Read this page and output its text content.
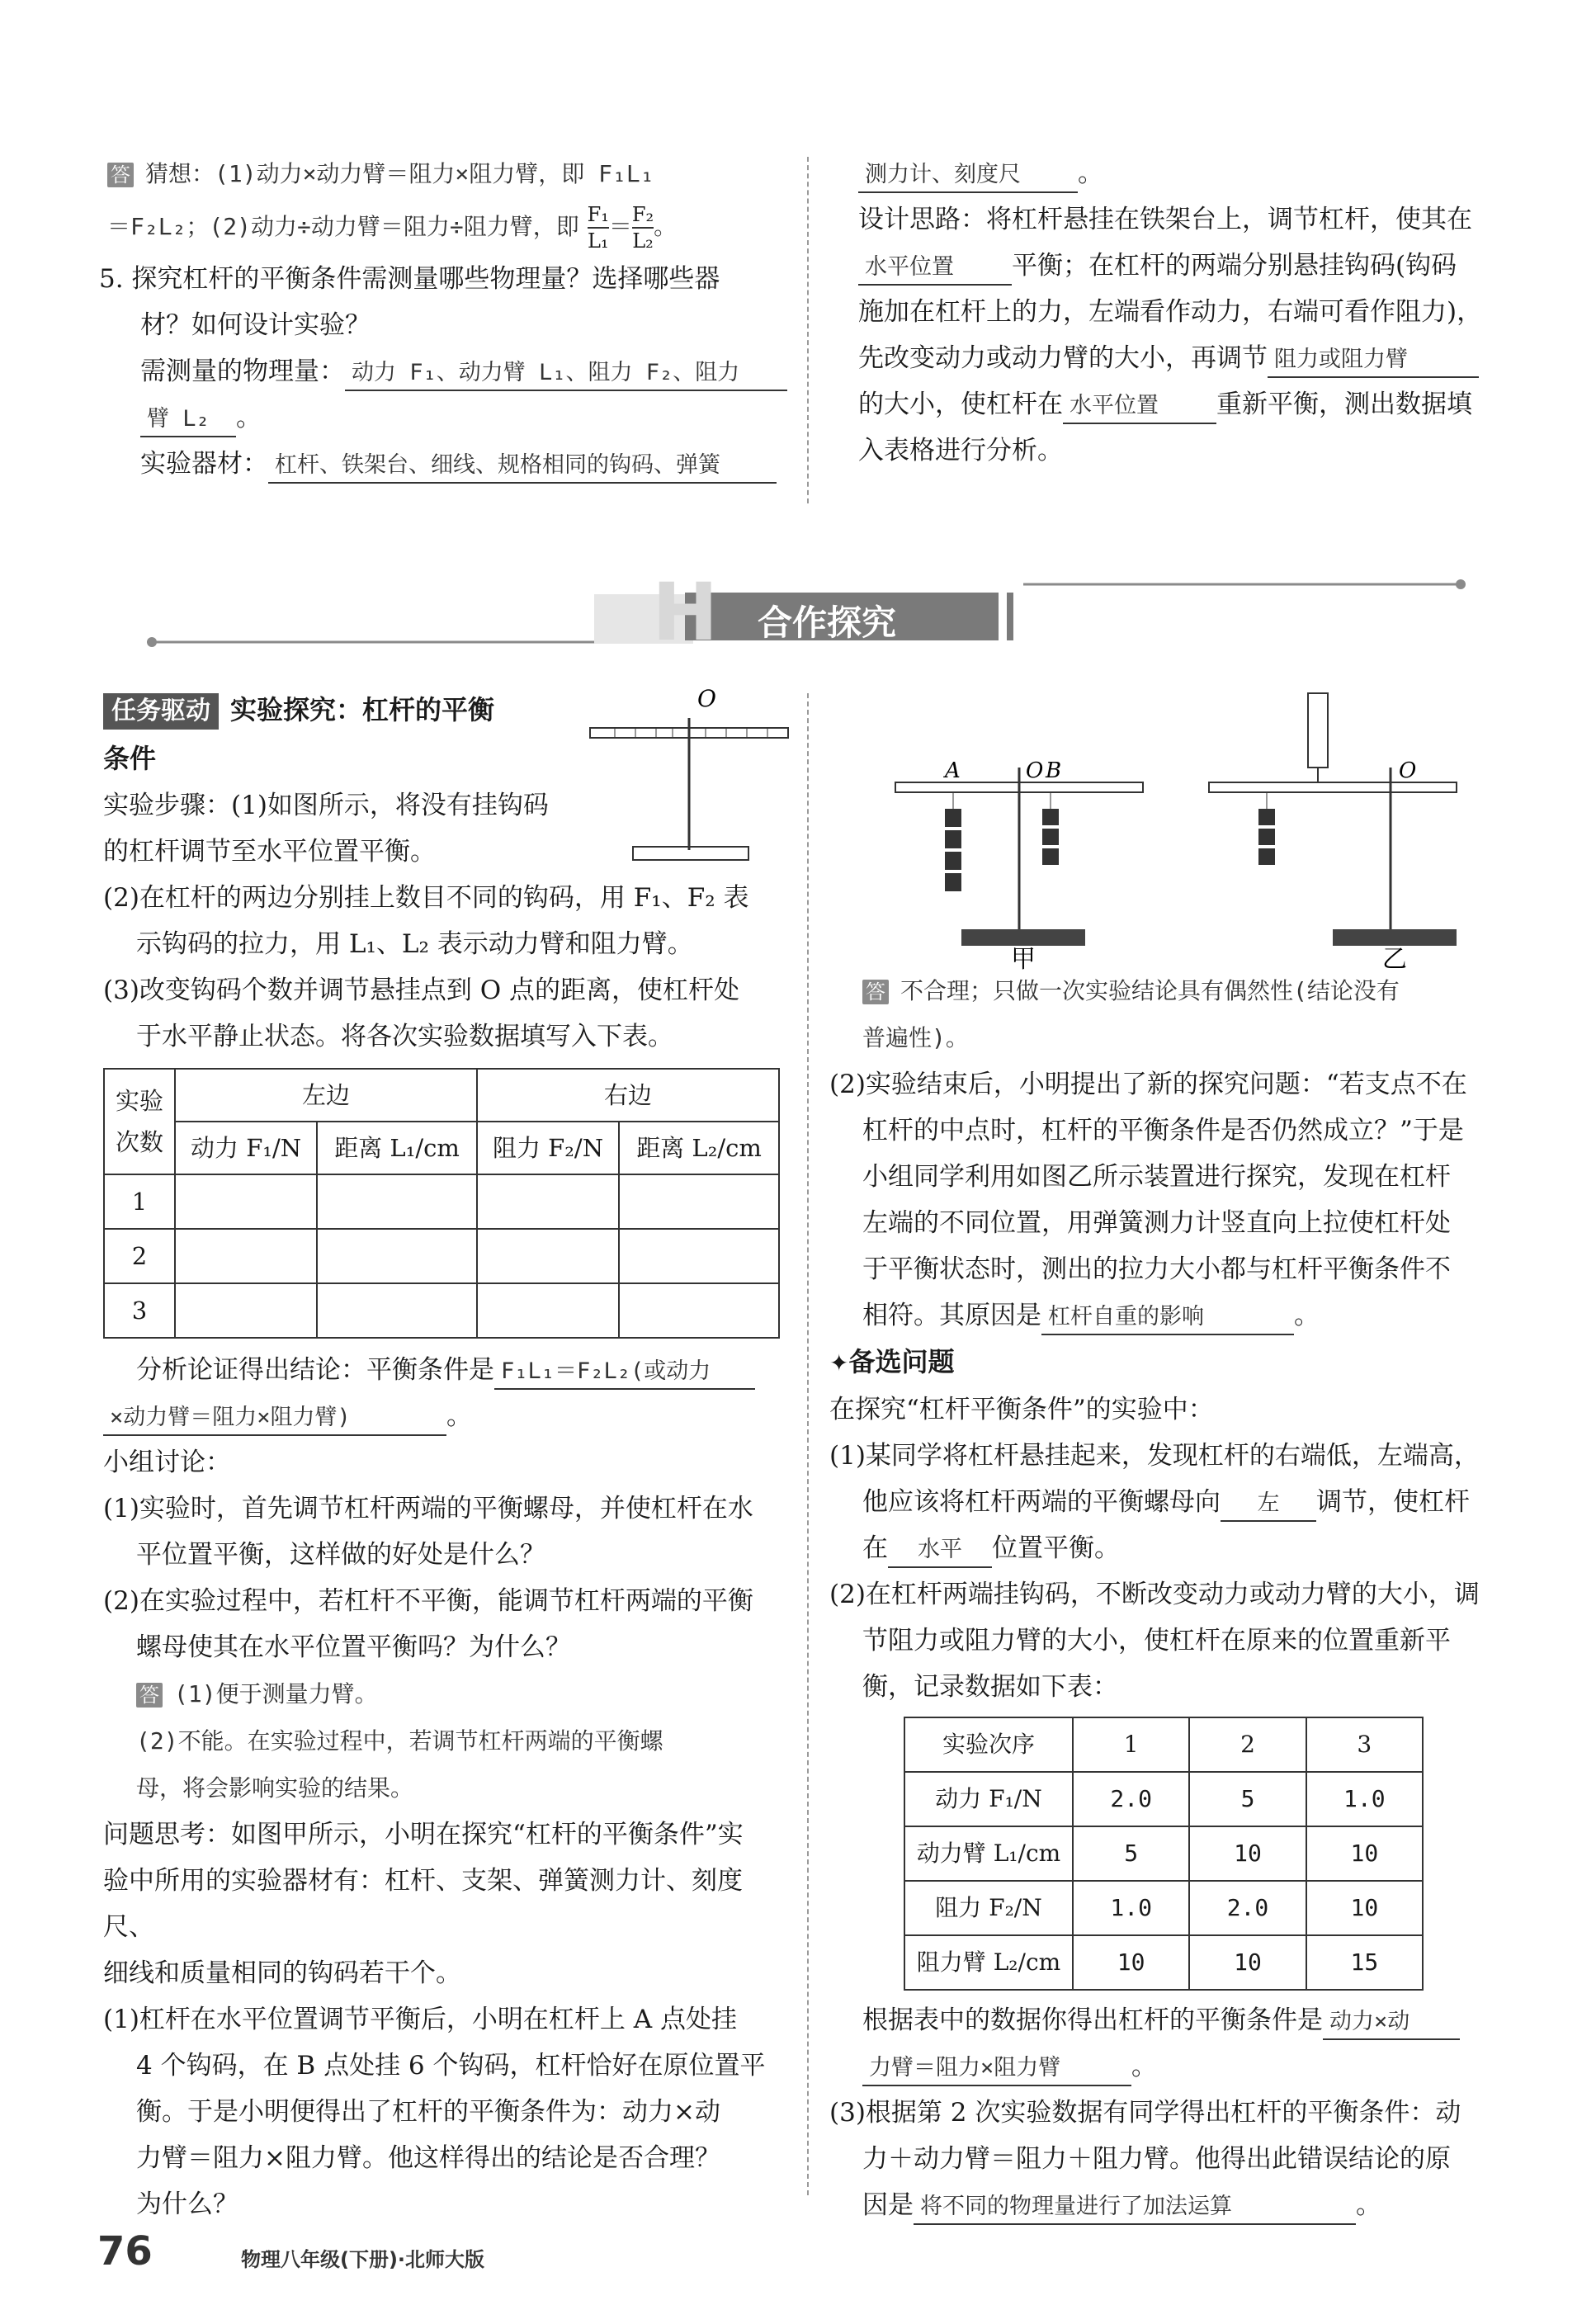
答 猜想：(1)动力×动力臂＝阻力×阻力臂，即 F₁L₁

＝F₂L₂；(2)动力÷动力臂＝阻力÷阻力臂，即 $\frac{\text{F₁}}{\text{L₁}} = \frac{\text{F₂}}{\text{L₂}}$ 。

5. 探究杠杆的平衡条件需测量哪些物理量？选择哪些器

材？如何设计实验？

需测量的物理量： 动力 F₁、动力臂 L₁、阻力 F₂、阻力

臂 L₂ 。

实验器材： 杠杆、铁架台、细线、规格相同的钩码、弹簧

测力计、刻度尺 。

设计思路：将杠杆悬挂在铁架台上，调节杠杆，使其在

水平位置 平衡；在杠杆的两端分别悬挂钩码(钩码

施加在杠杆上的力，左端看作动力，右端可看作阻力)，

先改变动力或动力臂的大小，再调节 阻力或阻力臂

的大小，使杠杆在 水平位置 重新平衡，测出数据填

入表格进行分析。

H 合作探究

任务驱动 实验探究：杠杆的平衡

条件

O

实验步骤：(1)如图所示，将没有挂钩码

的杠杆调节至水平位置平衡。

(2)在杠杆的两边分别挂上数目不同的钩码，用 F₁、F₂ 表

示钩码的拉力，用 L₁、L₂ 表示动力臂和阻力臂。

(3)改变钩码个数并调节悬挂点到 O 点的距离，使杠杆处

于水平静止状态。将各次实验数据填写入下表。

实验次数	左边		右边	
	动力 F₁/N	距离 L₁/cm	阻力 F₂/N	距离 L₂/cm
1				
2				
3				

分析论证得出结论：平衡条件是 F₁L₁＝F₂L₂(或动力

×动力臂＝阻力×阻力臂)	。

小组讨论：

(1)实验时，首先调节杠杆两端的平衡螺母，并使杠杆在水

平位置平衡，这样做的好处是什么？

(2)在实验过程中，若杠杆不平衡，能调节杠杆两端的平衡

螺母使其在水平位置平衡吗？为什么？

答 (1)便于测量力臂。

(2)不能。在实验过程中，若调节杠杆两端的平衡螺

母，将会影响实验的结果。

问题思考：如图甲所示，小明在探究“杠杆的平衡条件”实

验中所用的实验器材有：杠杆、支架、弹簧测力计、刻度尺、

细线和质量相同的钩码若干个。

(1)杠杆在水平位置调节平衡后，小明在杠杆上 A 点处挂

4 个钩码，在 B 点处挂 6 个钩码，杠杆恰好在原位置平

衡。于是小明便得出了杠杆的平衡条件为：动力×动

力臂＝阻力×阻力臂。他这样得出的结论是否合理？

为什么？

A	O B
甲
O
乙

答 不合理；只做一次实验结论具有偶然性(结论没有

普遍性)。

(2)实验结束后，小明提出了新的探究问题：“若支点不在

杠杆的中点时，杠杆的平衡条件是否仍然成立？”于是

小组同学利用如图乙所示装置进行探究，发现在杠杆

左端的不同位置，用弹簧测力计竖直向上拉使杠杆处

于平衡状态时，测出的拉力大小都与杠杆平衡条件不

相符。其原因是 杠杆自重的影响	。

✦备选问题

在探究“杠杆平衡条件”的实验中：

(1)某同学将杠杆悬挂起来，发现杠杆的右端低，左端高，

他应该将杠杆两端的平衡螺母向 左 调节，使杠杆

在 水平 位置平衡。

(2)在杠杆两端挂钩码，不断改变动力或动力臂的大小，调

节阻力或阻力臂的大小，使杠杆在原来的位置重新平

衡，记录数据如下表：

实验次序	1	2	3
动力 F₁/N	2.0	5	1.0
动力臂 L₁/cm	5	10	10
阻力 F₂/N	1.0	2.0	10
阻力臂 L₂/cm	10	10	15

根据表中的数据你得出杠杆的平衡条件是 动力×动

力臂＝阻力×阻力臂	。

(3)根据第 2 次实验数据有同学得出杠杆的平衡条件：动

力＋动力臂＝阻力＋阻力臂。他得出此错误结论的原

因是 将不同的物理量进行了加法运算	。

76	物理八年级(下册)·北师大版
